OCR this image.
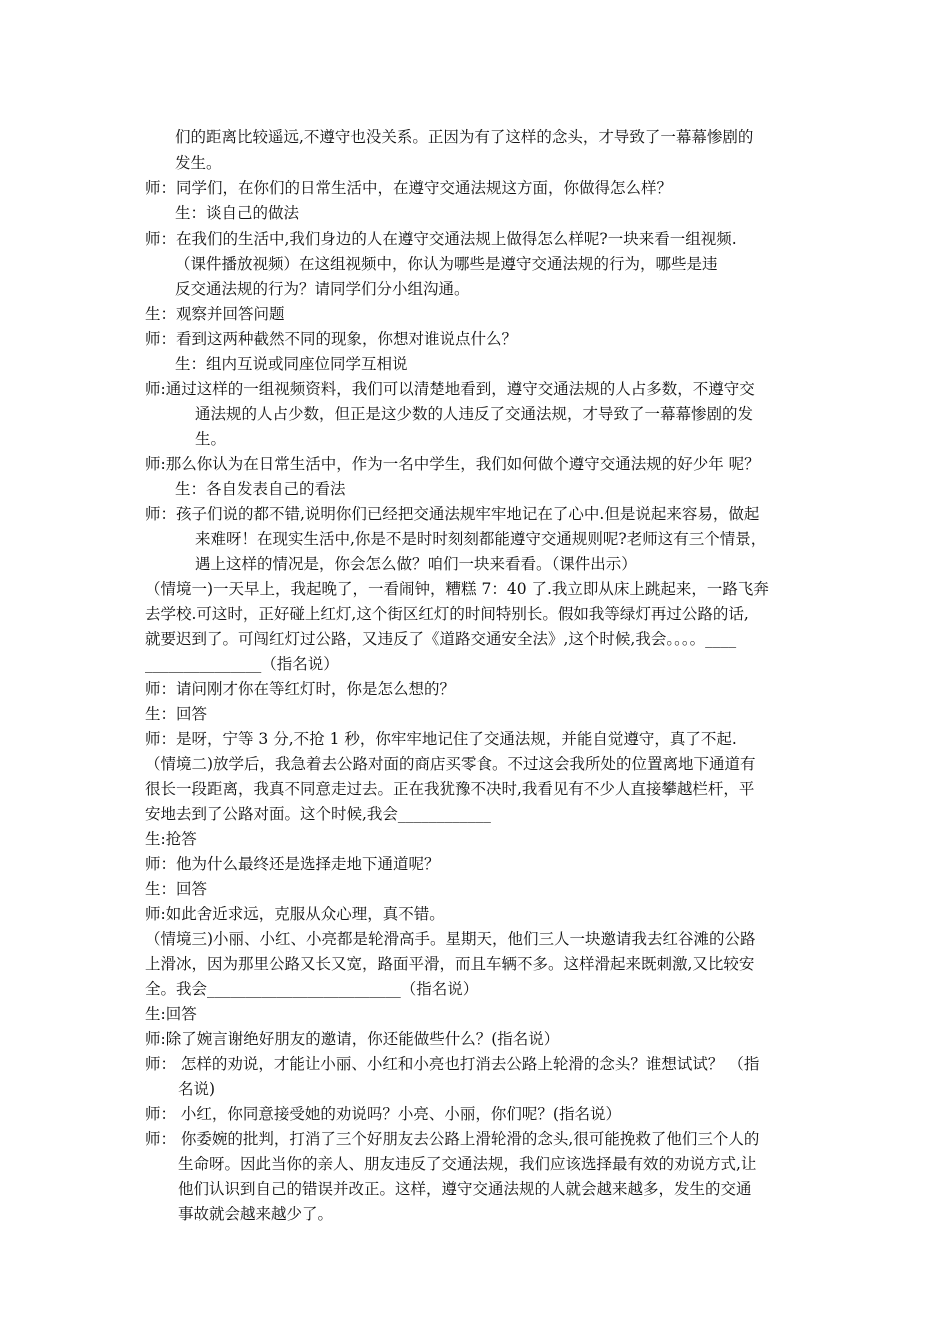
们的距离比较遥远,不遵守也没关系。正因为有了这样的念头，才导致了一幕幕惨剧的
发生。
师：同学们，在你们的日常生活中，在遵守交通法规这方面，你做得怎么样？
生：谈自己的做法
师：在我们的生活中,我们身边的人在遵守交通法规上做得怎么样呢?一块来看一组视频.
（课件播放视频）在这组视频中，你认为哪些是遵守交通法规的行为，哪些是违
反交通法规的行为？请同学们分小组沟通。
生：观察并回答问题
师：看到这两种截然不同的现象，你想对谁说点什么？
生：组内互说或同座位同学互相说
师:通过这样的一组视频资料，我们可以清楚地看到，遵守交通法规的人占多数，不遵守交
通法规的人占少数，但正是这少数的人违反了交通法规，才导致了一幕幕惨剧的发
生。
师:那么你认为在日常生活中，作为一名中学生，我们如何做个遵守交通法规的好少年 呢？
生：各自发表自己的看法
师：孩子们说的都不错,说明你们已经把交通法规牢牢地记在了心中.但是说起来容易，做起
来难呀！在现实生活中,你是不是时时刻刻都能遵守交通规则呢?老师这有三个情景，
遇上这样的情况是，你会怎么做？咱们一块来看看。（课件出示）
（情境一)一天早上，我起晚了，一看闹钟，糟糕 7：40 了.我立即从床上跳起来，一路飞奔
去学校.可这时，正好碰上红灯,这个街区红灯的时间特别长。假如我等绿灯再过公路的话,
就要迟到了。可闯红灯过公路，又违反了《道路交通安全法》,这个时候,我会。。。。____
_______________（指名说）
师：请问刚才你在等红灯时，你是怎么想的？
生：回答
师：是呀，宁等 3 分,不抢 1 秒，你牢牢地记住了交通法规，并能自觉遵守，真了不起.
（情境二)放学后，我急着去公路对面的商店买零食。不过这会我所处的位置离地下通道有
很长一段距离，我真不同意走过去。正在我犹豫不决时,我看见有不少人直接攀越栏杆，平
安地去到了公路对面。这个时候,我会____________
生:抢答
师：他为什么最终还是选择走地下通道呢？
生：回答
师:如此舍近求远，克服从众心理，真不错。
（情境三)小丽、小红、小亮都是轮滑高手。星期天，他们三人一块邀请我去红谷滩的公路
上滑冰，因为那里公路又长又宽，路面平滑，而且车辆不多。这样滑起来既刺激,又比较安
全。我会_________________________（指名说）
生:回答
师:除了婉言谢绝好朋友的邀请，你还能做些什么？(指名说）
师： 怎样的劝说，才能让小丽、小红和小亮也打消去公路上轮滑的念头？谁想试试？ （指
名说)
师： 小红，你同意接受她的劝说吗？小亮、小丽，你们呢？(指名说）
师： 你委婉的批判，打消了三个好朋友去公路上滑轮滑的念头,很可能挽救了他们三个人的
生命呀。因此当你的亲人、朋友违反了交通法规，我们应该选择最有效的劝说方式,让
他们认识到自己的错误并改正。这样，遵守交通法规的人就会越来越多，发生的交通
事故就会越来越少了。
